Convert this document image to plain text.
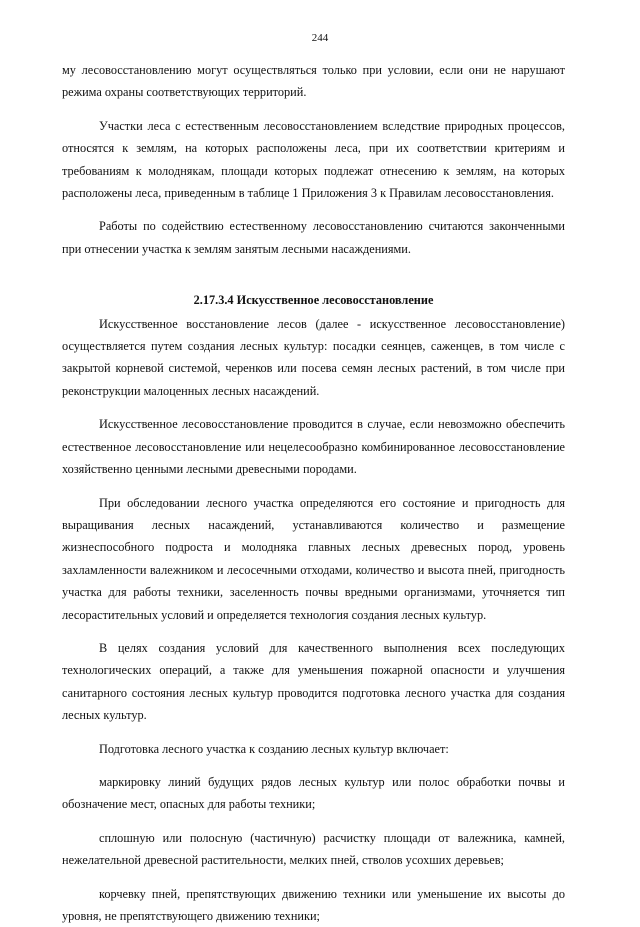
244

му лесовосстановлению могут осуществляться только при условии, если они не нарушают режима охраны соответствующих территорий.

Участки леса с естественным лесовосстановлением вследствие природных процессов, относятся к землям, на которых расположены леса, при их соответствии критериям и требованиям к молоднякам, площади которых подлежат отнесению к землям, на которых расположены леса, приведенным в таблице 1 Приложения 3 к Правилам лесовосстановления.

Работы по содействию естественному лесовосстановлению считаются законченными при отнесении участка к землям занятым лесными насаждениями.

2.17.3.4 Искусственное лесовосстановление

Искусственное восстановление лесов (далее - искусственное лесовосстановление) осуществляется путем создания лесных культур: посадки сеянцев, саженцев, в том числе с закрытой корневой системой, черенков или посева семян лесных растений, в том числе при реконструкции малоценных лесных насаждений.

Искусственное лесовосстановление проводится в случае, если невозможно обеспечить естественное лесовосстановление или нецелесообразно комбинированное лесовосстановление хозяйственно ценными лесными древесными породами.

При обследовании лесного участка определяются его состояние и пригодность для выращивания лесных насаждений, устанавливаются количество и размещение жизнеспособного подроста и молодняка главных лесных древесных пород, уровень захламленности валежником и лесосечными отходами, количество и высота пней, пригодность участка для работы техники, заселенность почвы вредными организмами, уточняется тип лесорастительных условий и определяется технология создания лесных культур.

В целях создания условий для качественного выполнения всех последующих технологических операций, а также для уменьшения пожарной опасности и улучшения санитарного состояния лесных культур проводится подготовка лесного участка для создания лесных культур.

Подготовка лесного участка к созданию лесных культур включает:

маркировку линий будущих рядов лесных культур или полос обработки почвы и обозначение мест, опасных для работы техники;

сплошную или полосную (частичную) расчистку площади от валежника, камней, нежелательной древесной растительности, мелких пней, стволов усохших деревьев;

корчевку пней, препятствующих движению техники или уменьшение их высоты до уровня, не препятствующего движению техники;
